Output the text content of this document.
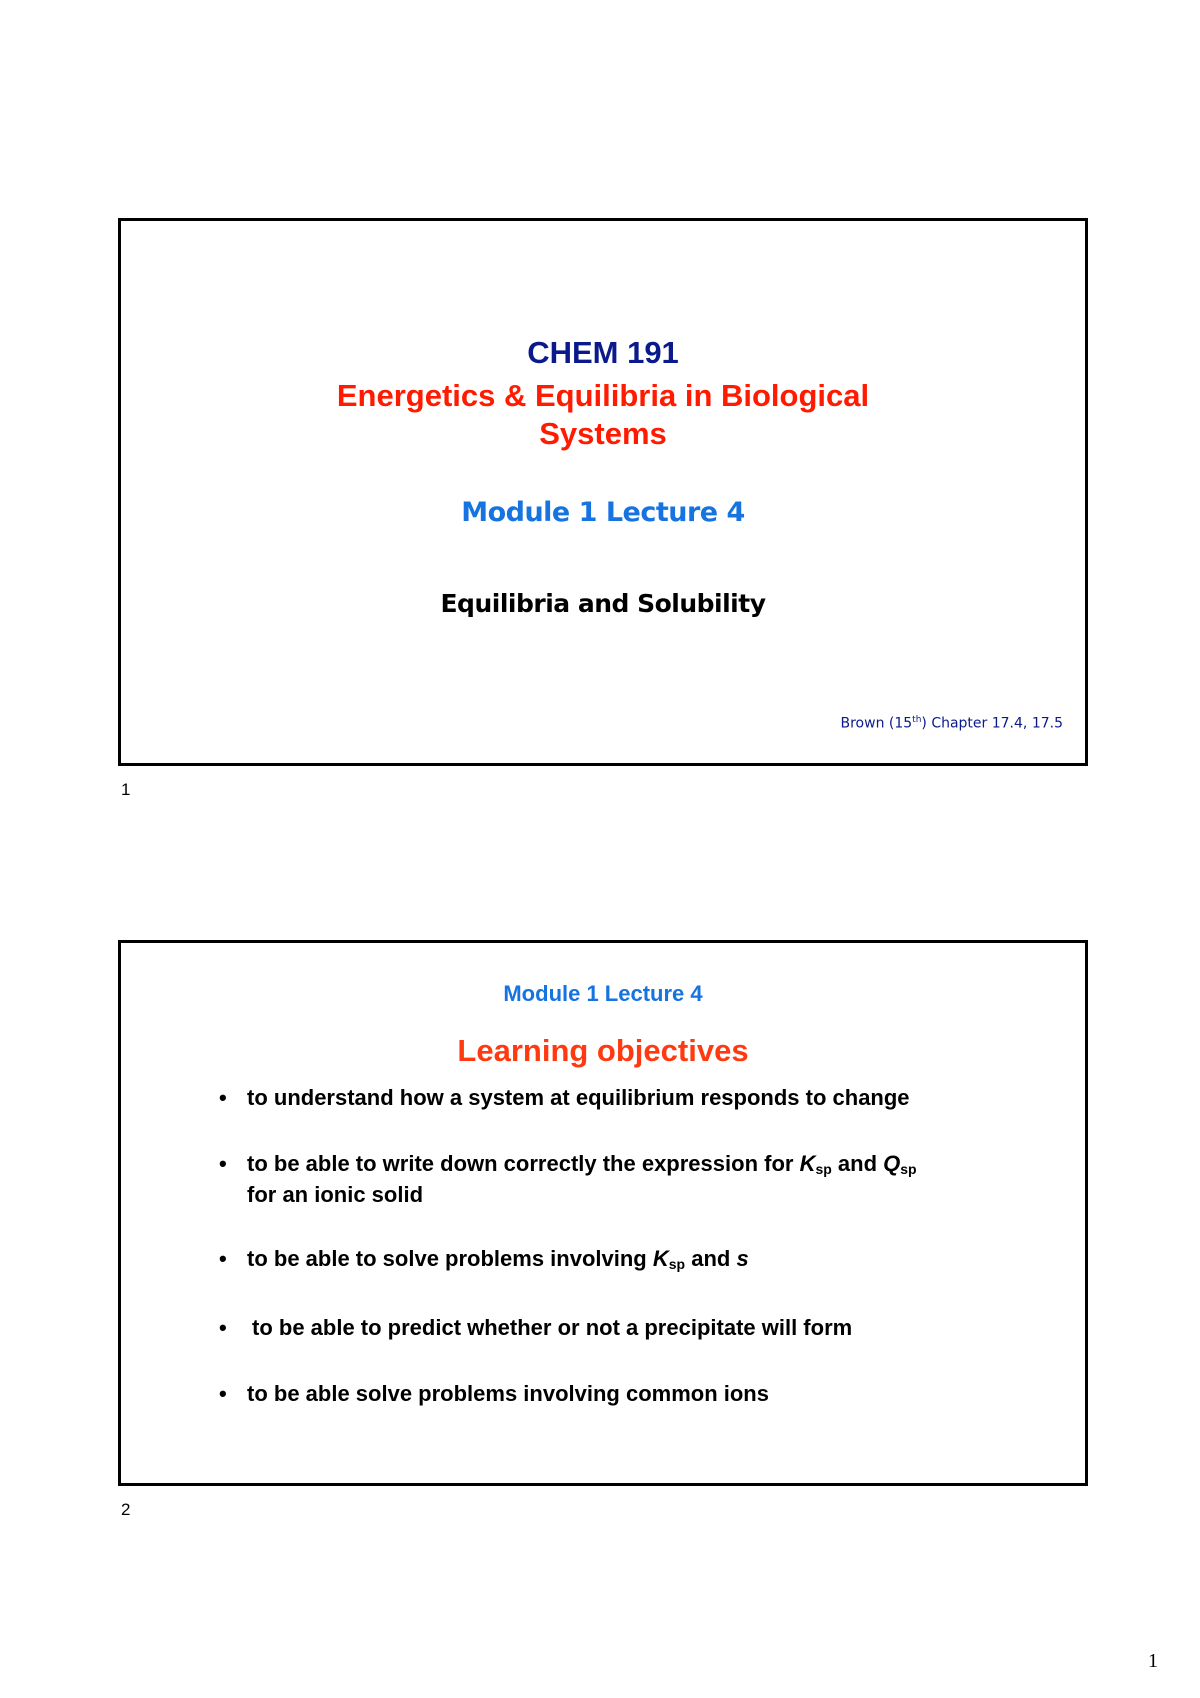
CHEM 191
Energetics & Equilibria in Biological
Systems
Module 1 Lecture 4
Equilibria and Solubility
Brown (15th) Chapter 17.4, 17.5
1
Module 1 Lecture 4
Learning objectives
• to understand how a system at equilibrium responds to change
• to be able to write down correctly the expression for $K_{sp}$ and $Q_{sp}$
for an ionic solid
• to be able to solve problems involving $K_{sp}$ and s
• to be able to predict whether or not a precipitate will form
• to be able solve problems involving common ions
2
1
